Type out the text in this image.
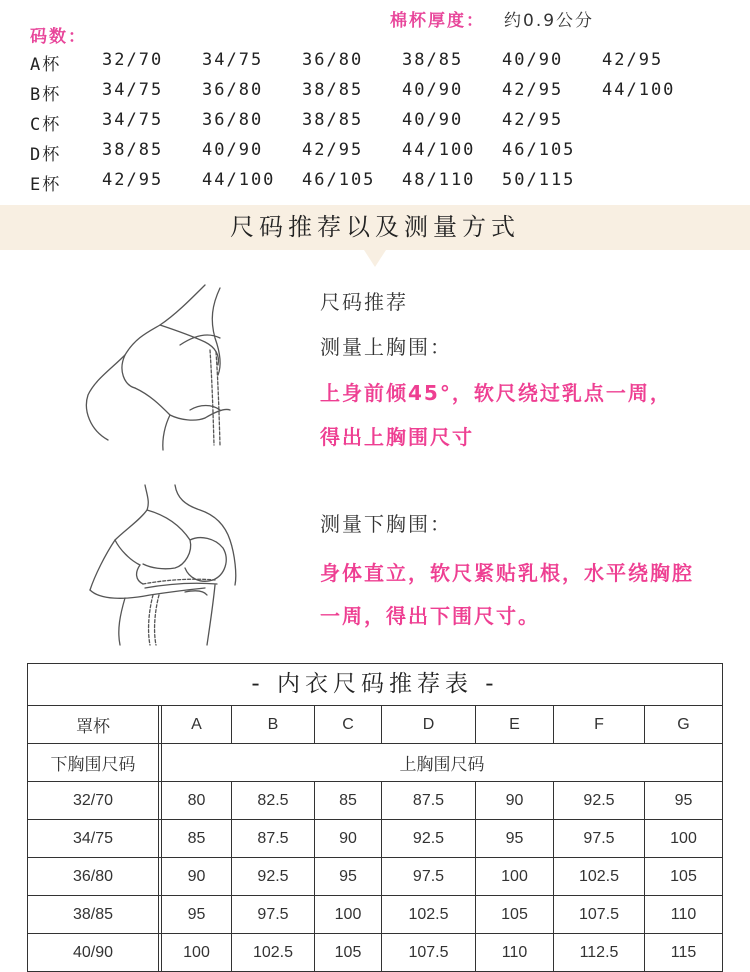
棉杯厚度： 约0.9公分
码数：
A杯 32/70 34/75 36/80 38/85 40/90 42/95
B杯 34/75 36/80 38/85 40/90 42/95 44/100
C杯 34/75 36/80 38/85 40/90 42/95
D杯 38/85 40/90 42/95 44/100 46/105
E杯 42/95 44/100 46/105 48/110 50/115
尺码推荐以及测量方式
尺码推荐
测量上胸围：
上身前倾45°，软尺绕过乳点一周，
得出上胸围尺寸
测量下胸围：
身体直立，软尺紧贴乳根，水平绕胸腔
一周，得出下围尺寸。
- 内衣尺码推荐表 -
罩杯	A	B	C	D	E	F	G
下胸围尺码	上胸围尺码
32/70	80	82.5	85	87.5	90	92.5	95
34/75	85	87.5	90	92.5	95	97.5	100
36/80	90	92.5	95	97.5	100	102.5	105
38/85	95	97.5	100	102.5	105	107.5	110
40/90	100	102.5	105	107.5	110	112.5	115
